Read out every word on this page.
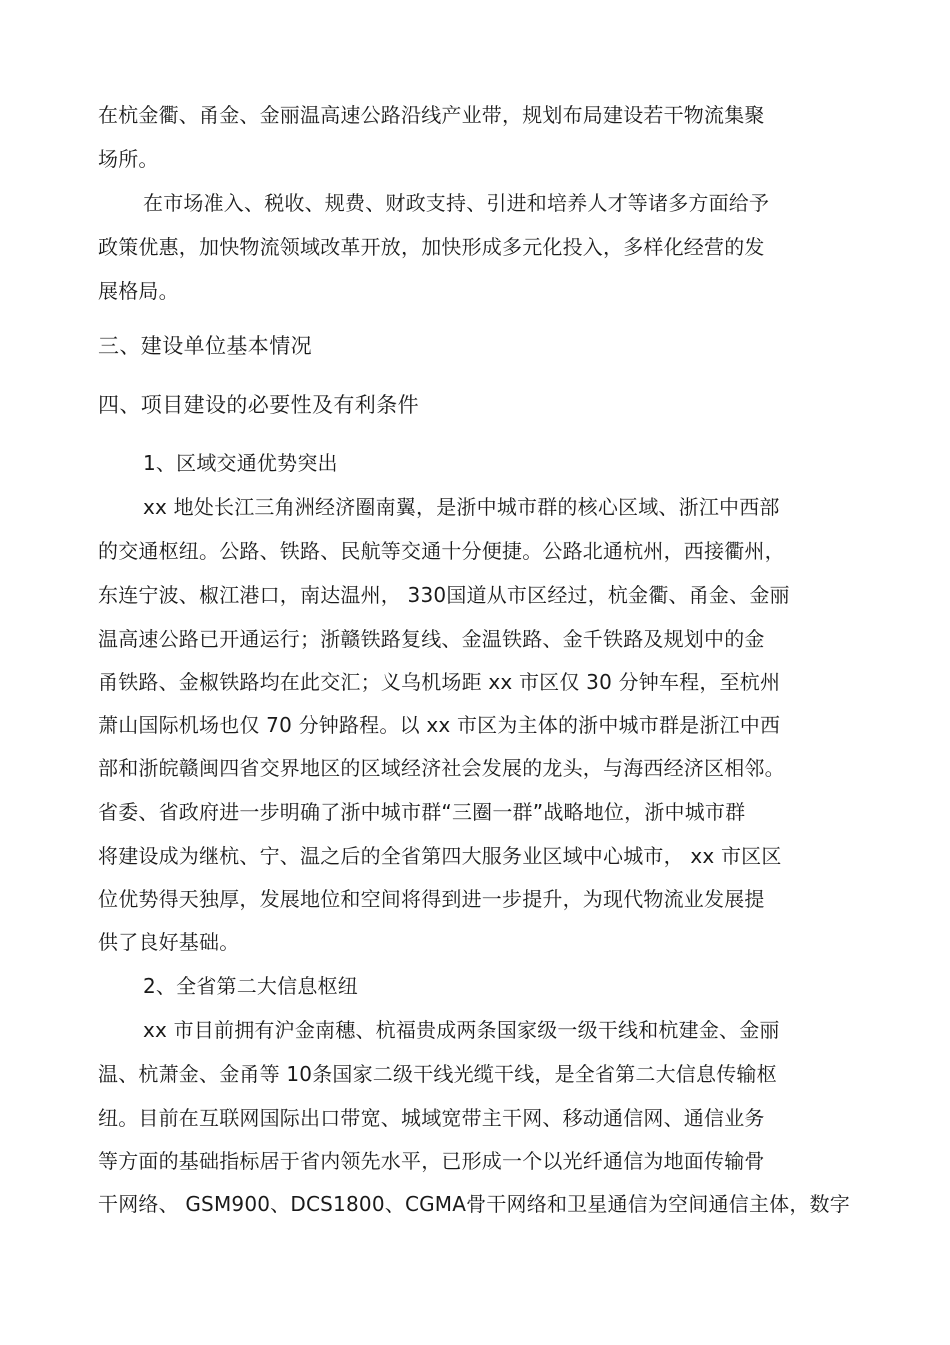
在杭金衢、甬金、金丽温高速公路沿线产业带，规划布局建设若干物流集聚
场所。
在市场准入、税收、规费、财政支持、引进和培养人才等诸多方面给予
政策优惠，加快物流领域改革开放，加快形成多元化投入，多样化经营的发
展格局。
三、建设单位基本情况
四、项目建设的必要性及有利条件
1、区域交通优势突出
xx 地处长江三角洲经济圈南翼，是浙中城市群的核心区域、浙江中西部
的交通枢纽。公路、铁路、民航等交通十分便捷。公路北通杭州，西接衢州，
东连宁波、椒江港口，南达温州， 330国道从市区经过，杭金衢、甬金、金丽
温高速公路已开通运行；浙赣铁路复线、金温铁路、金千铁路及规划中的金
甬铁路、金椒铁路均在此交汇；义乌机场距 xx 市区仅 30 分钟车程，至杭州
萧山国际机场也仅 70 分钟路程。以 xx 市区为主体的浙中城市群是浙江中西
部和浙皖赣闽四省交界地区的区域经济社会发展的龙头，与海西经济区相邻。
省委、省政府进一步明确了浙中城市群“三圈一群”战略地位，浙中城市群
将建设成为继杭、宁、温之后的全省第四大服务业区域中心城市， xx 市区区
位优势得天独厚，发展地位和空间将得到进一步提升，为现代物流业发展提
供了良好基础。
2、全省第二大信息枢纽
xx 市目前拥有沪金南穗、杭福贵成两条国家级一级干线和杭建金、金丽
温、杭萧金、金甬等 10条国家二级干线光缆干线，是全省第二大信息传输枢
纽。目前在互联网国际出口带宽、城域宽带主干网、移动通信网、通信业务
等方面的基础指标居于省内领先水平，已形成一个以光纤通信为地面传输骨
干网络、 GSM900、DCS1800、CGMA骨干网络和卫星通信为空间通信主体，数字
